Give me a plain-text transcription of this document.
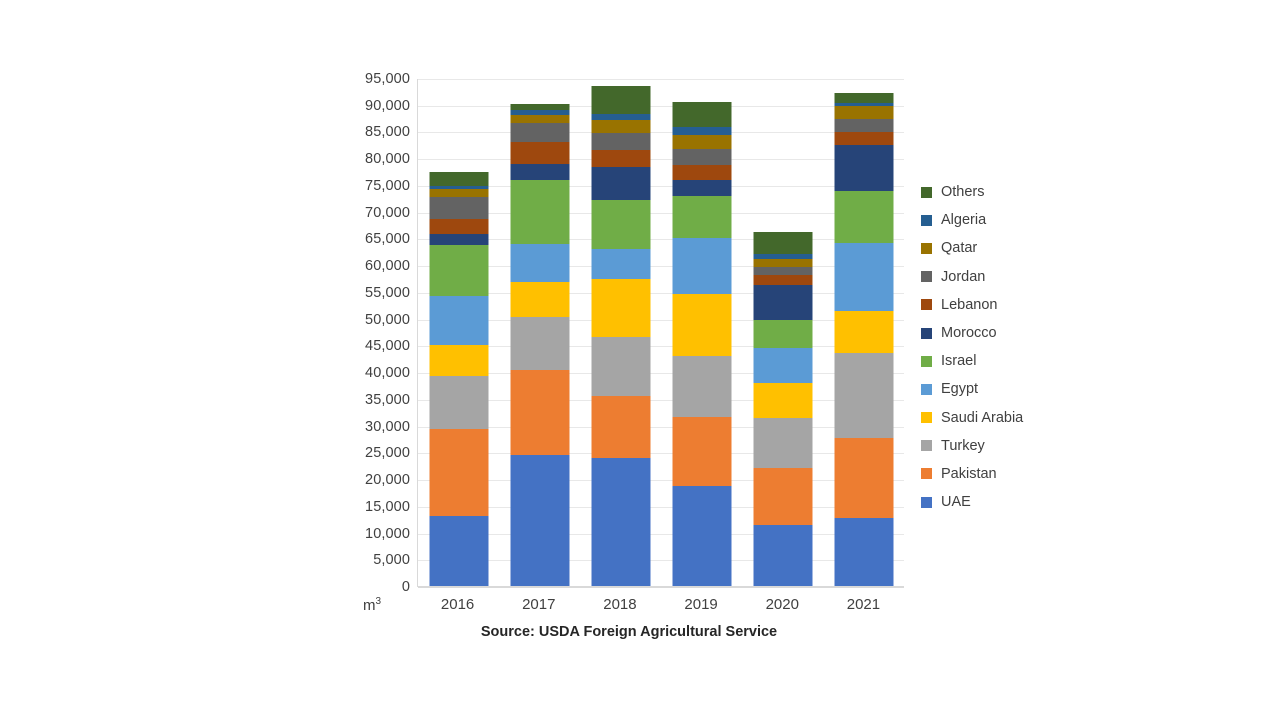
0
5,000
10,000
15,000
20,000
25,000
30,000
35,000
40,000
45,000
50,000
55,000
60,000
65,000
70,000
75,000
80,000
85,000
90,000
95,000
$m^3$	2016	2017	2018	2019	2020	2021
Others
Algeria
Qatar
Jordan
Lebanon
Morocco
Israel
Egypt
Saudi Arabia
Turkey
Pakistan
UAE
Source: USDA Foreign Agricultural Service
